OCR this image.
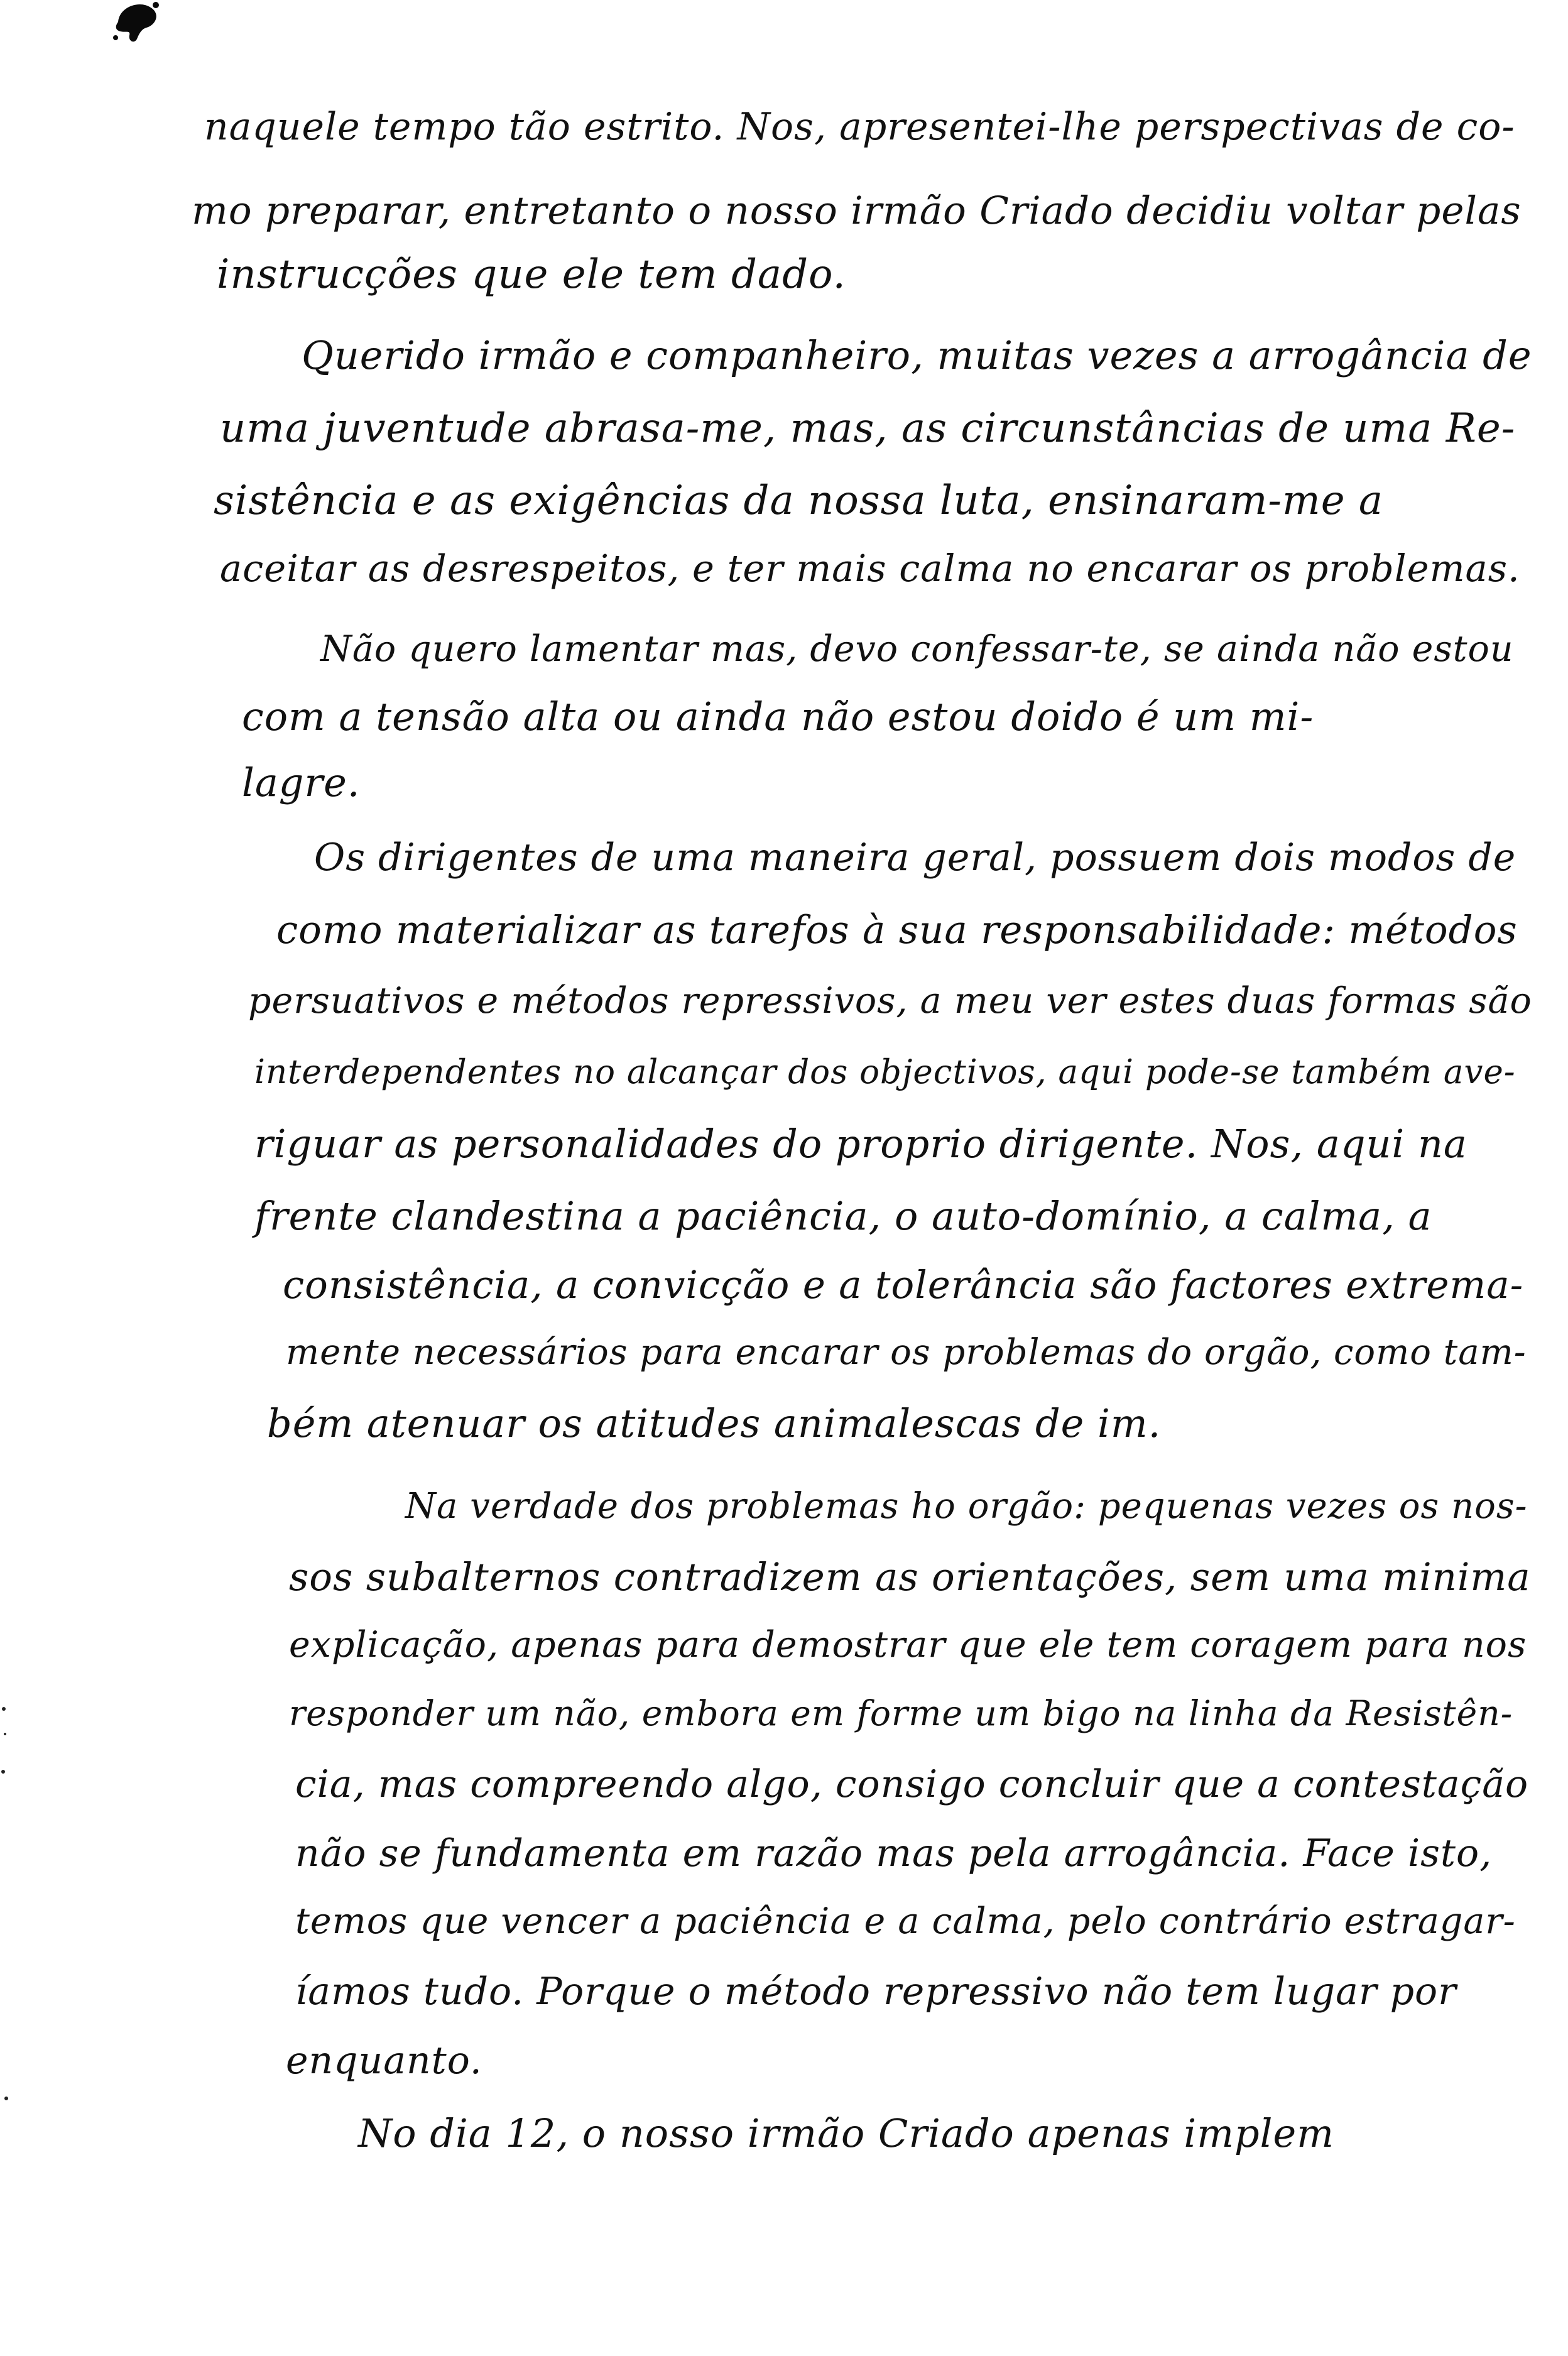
naquele tempo tão estrito. Nos, apresentei-lhe perspectivas de co-
mo preparar, entretanto o nosso irmão Criado decidiu voltar pelas
instrucções que ele tem dado.
Querido irmão e companheiro, muitas vezes a arrogância de
uma juventude abrasa-me, mas, as circunstâncias de uma Re-
sistência e as exigências da nossa luta, ensinaram-me a
aceitar as desrespeitos, e ter mais calma no encarar os problemas.
Não quero lamentar mas, devo confessar-te, se ainda não estou
com a tensão alta ou ainda não estou doido é um mi-
lagre.
Os dirigentes de uma maneira geral, possuem dois modos de
como materializar as tarefos à sua responsabilidade: métodos
persuativos e métodos repressivos, a meu ver estes duas formas são
interdependentes no alcançar dos objectivos, aqui pode-se também ave-
riguar as personalidades do proprio dirigente. Nos, aqui na
frente clandestina a paciência, o auto-domínio, a calma, a
consistência, a convicção e a tolerância são factores extrema-
mente necessários para encarar os problemas do orgão, como tam-
bém atenuar os atitudes animalescas de im.
Na verdade dos problemas ho orgão: pequenas vezes os nos-
sos subalternos contradizem as orientações, sem uma minima
explicação, apenas para demostrar que ele tem coragem para nos
responder um não, embora em forme um bigo na linha da Resistên-
cia, mas compreendo algo, consigo concluir que a contestação
não se fundamenta em razão mas pela arrogância. Face isto,
temos que vencer a paciência e a calma, pelo contrário estragar-
íamos tudo. Porque o método repressivo não tem lugar por
enquanto.
No dia 12, o nosso irmão Criado apenas implem
